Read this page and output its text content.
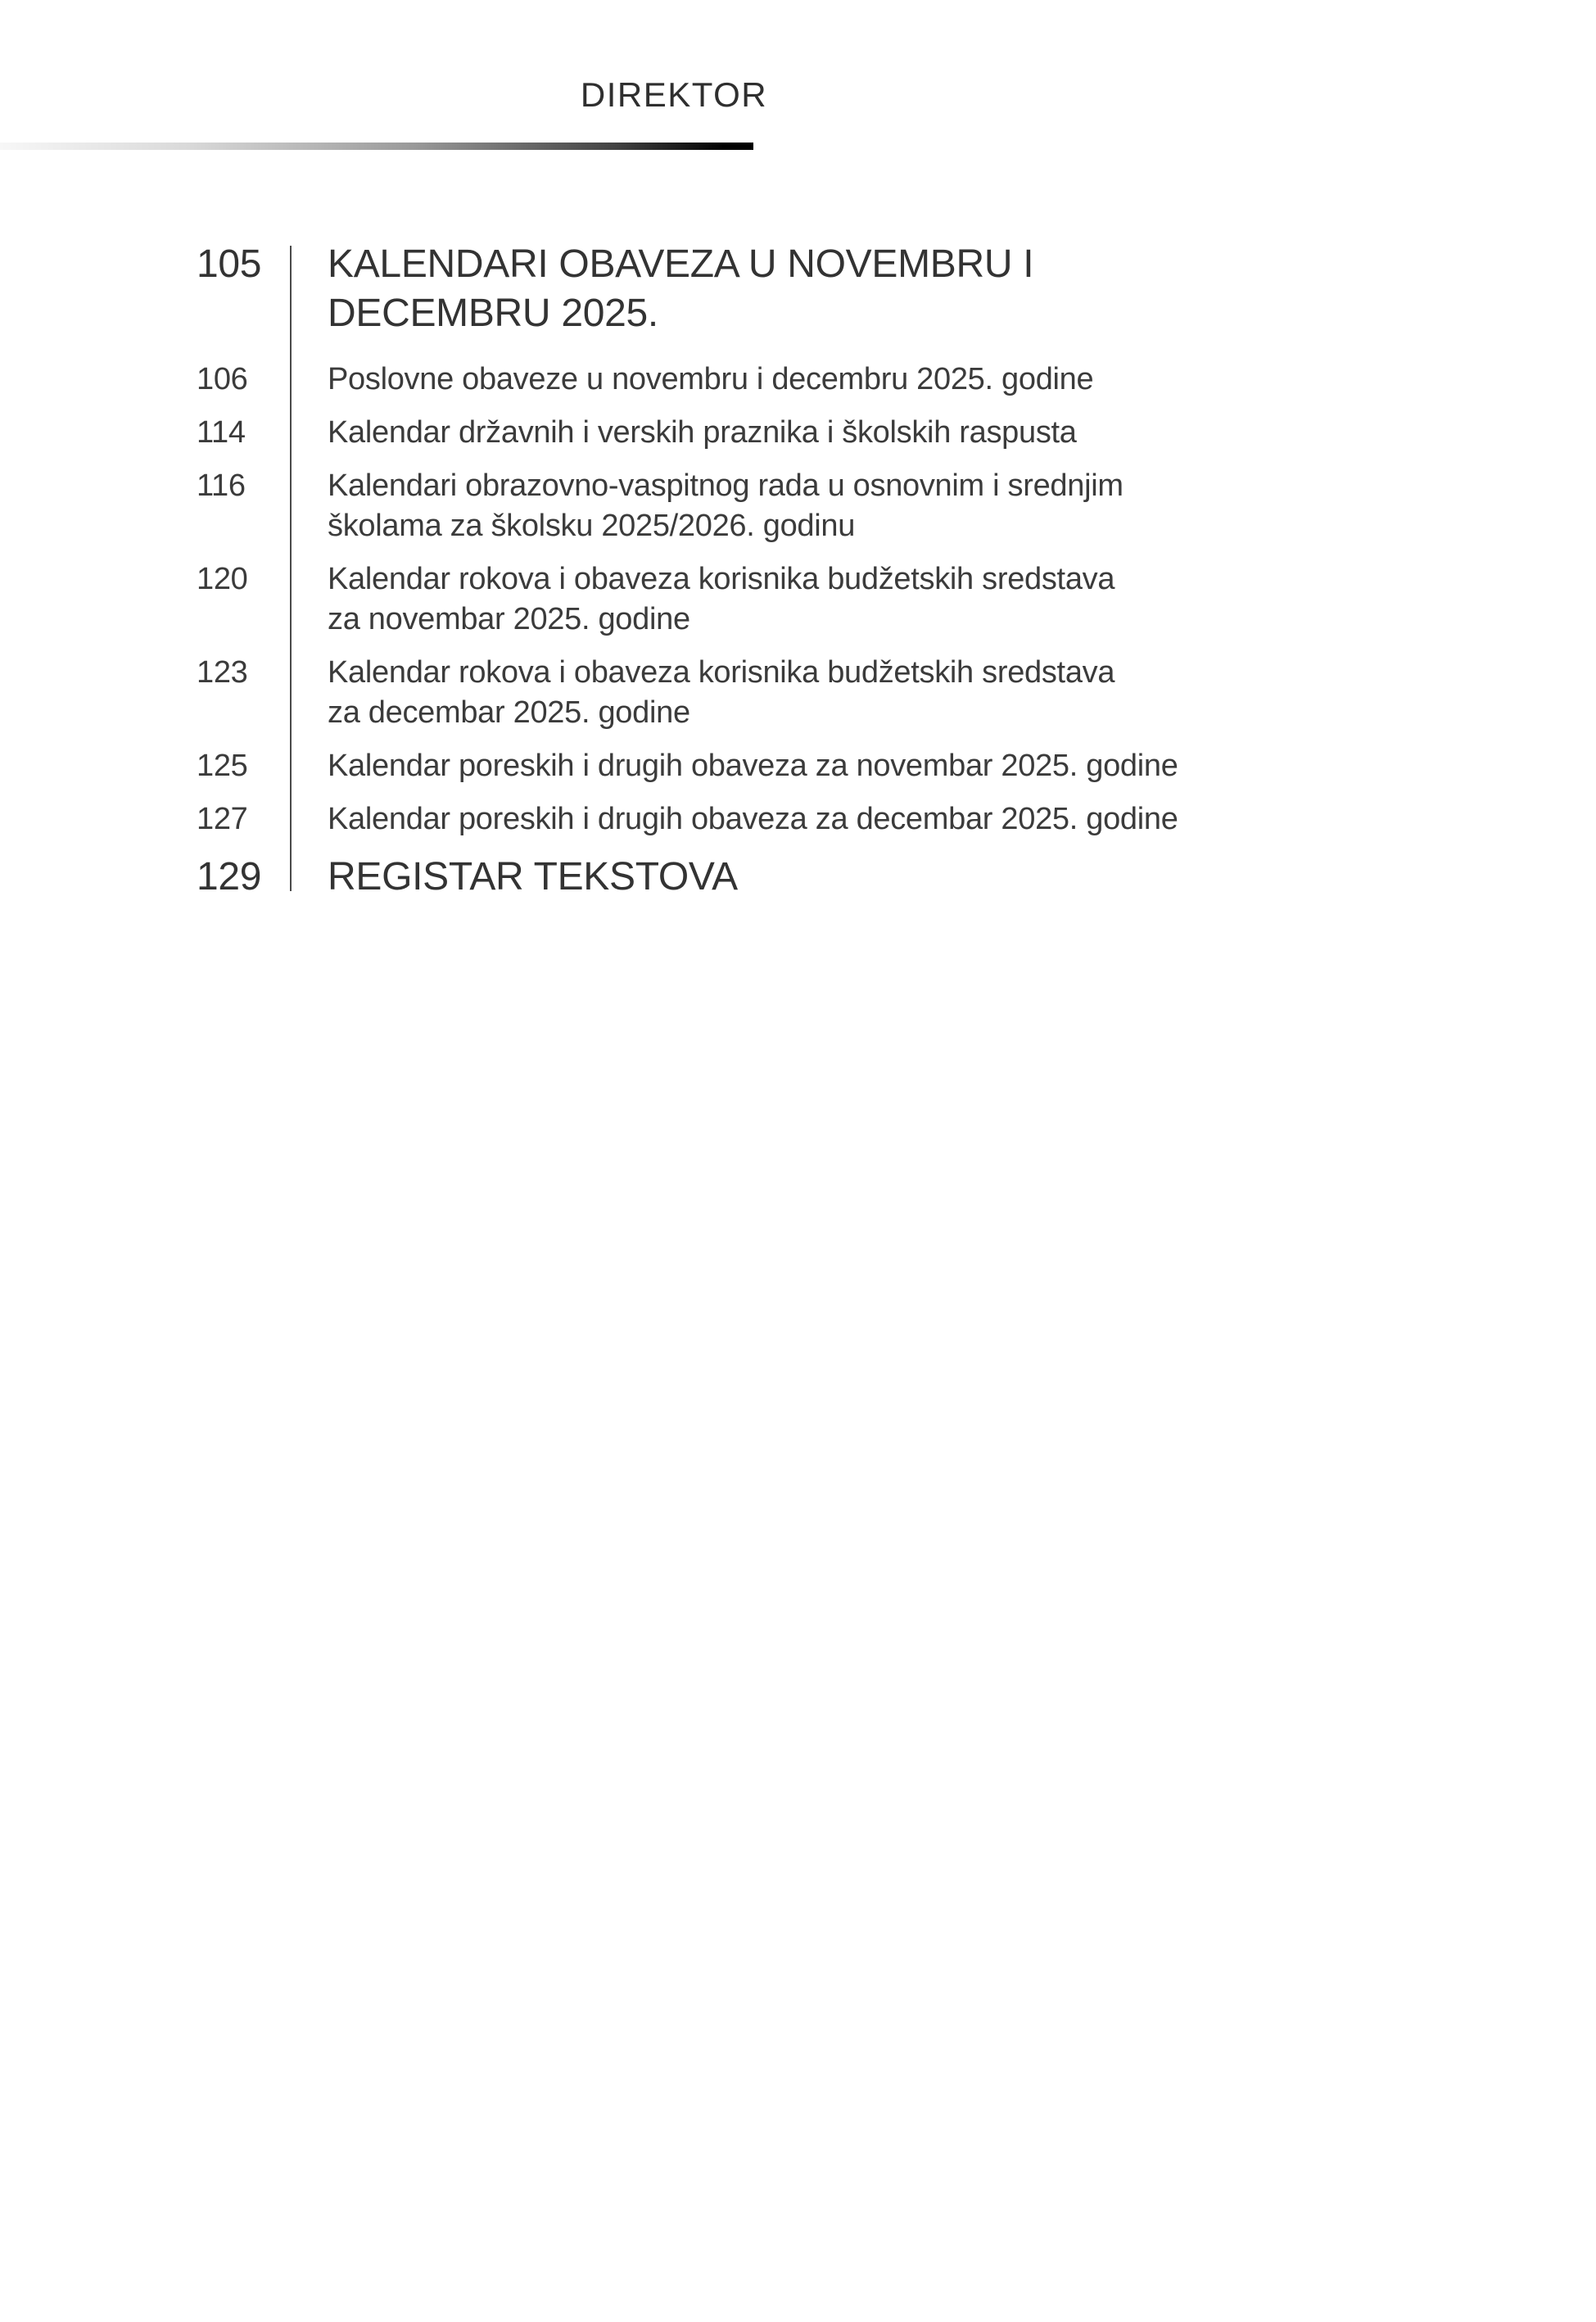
DIREKTOR
105	KALENDARI OBAVEZA U NOVEMBRU I
DECEMBRU 2025.
106	Poslovne obaveze u novembru i decembru 2025. godine
114	Kalendar državnih i verskih praznika i školskih raspusta
116	Kalendari obrazovno-vaspitnog rada u osnovnim i srednjim
školama za školsku 2025/2026. godinu
120	Kalendar rokova i obaveza korisnika budžetskih sredstava
za novembar 2025. godine
123	Kalendar rokova i obaveza korisnika budžetskih sredstava
za decembar 2025. godine
125	Kalendar poreskih i drugih obaveza za novembar 2025. godine
127	Kalendar poreskih i drugih obaveza za decembar 2025. godine
129	REGISTAR TEKSTOVA
